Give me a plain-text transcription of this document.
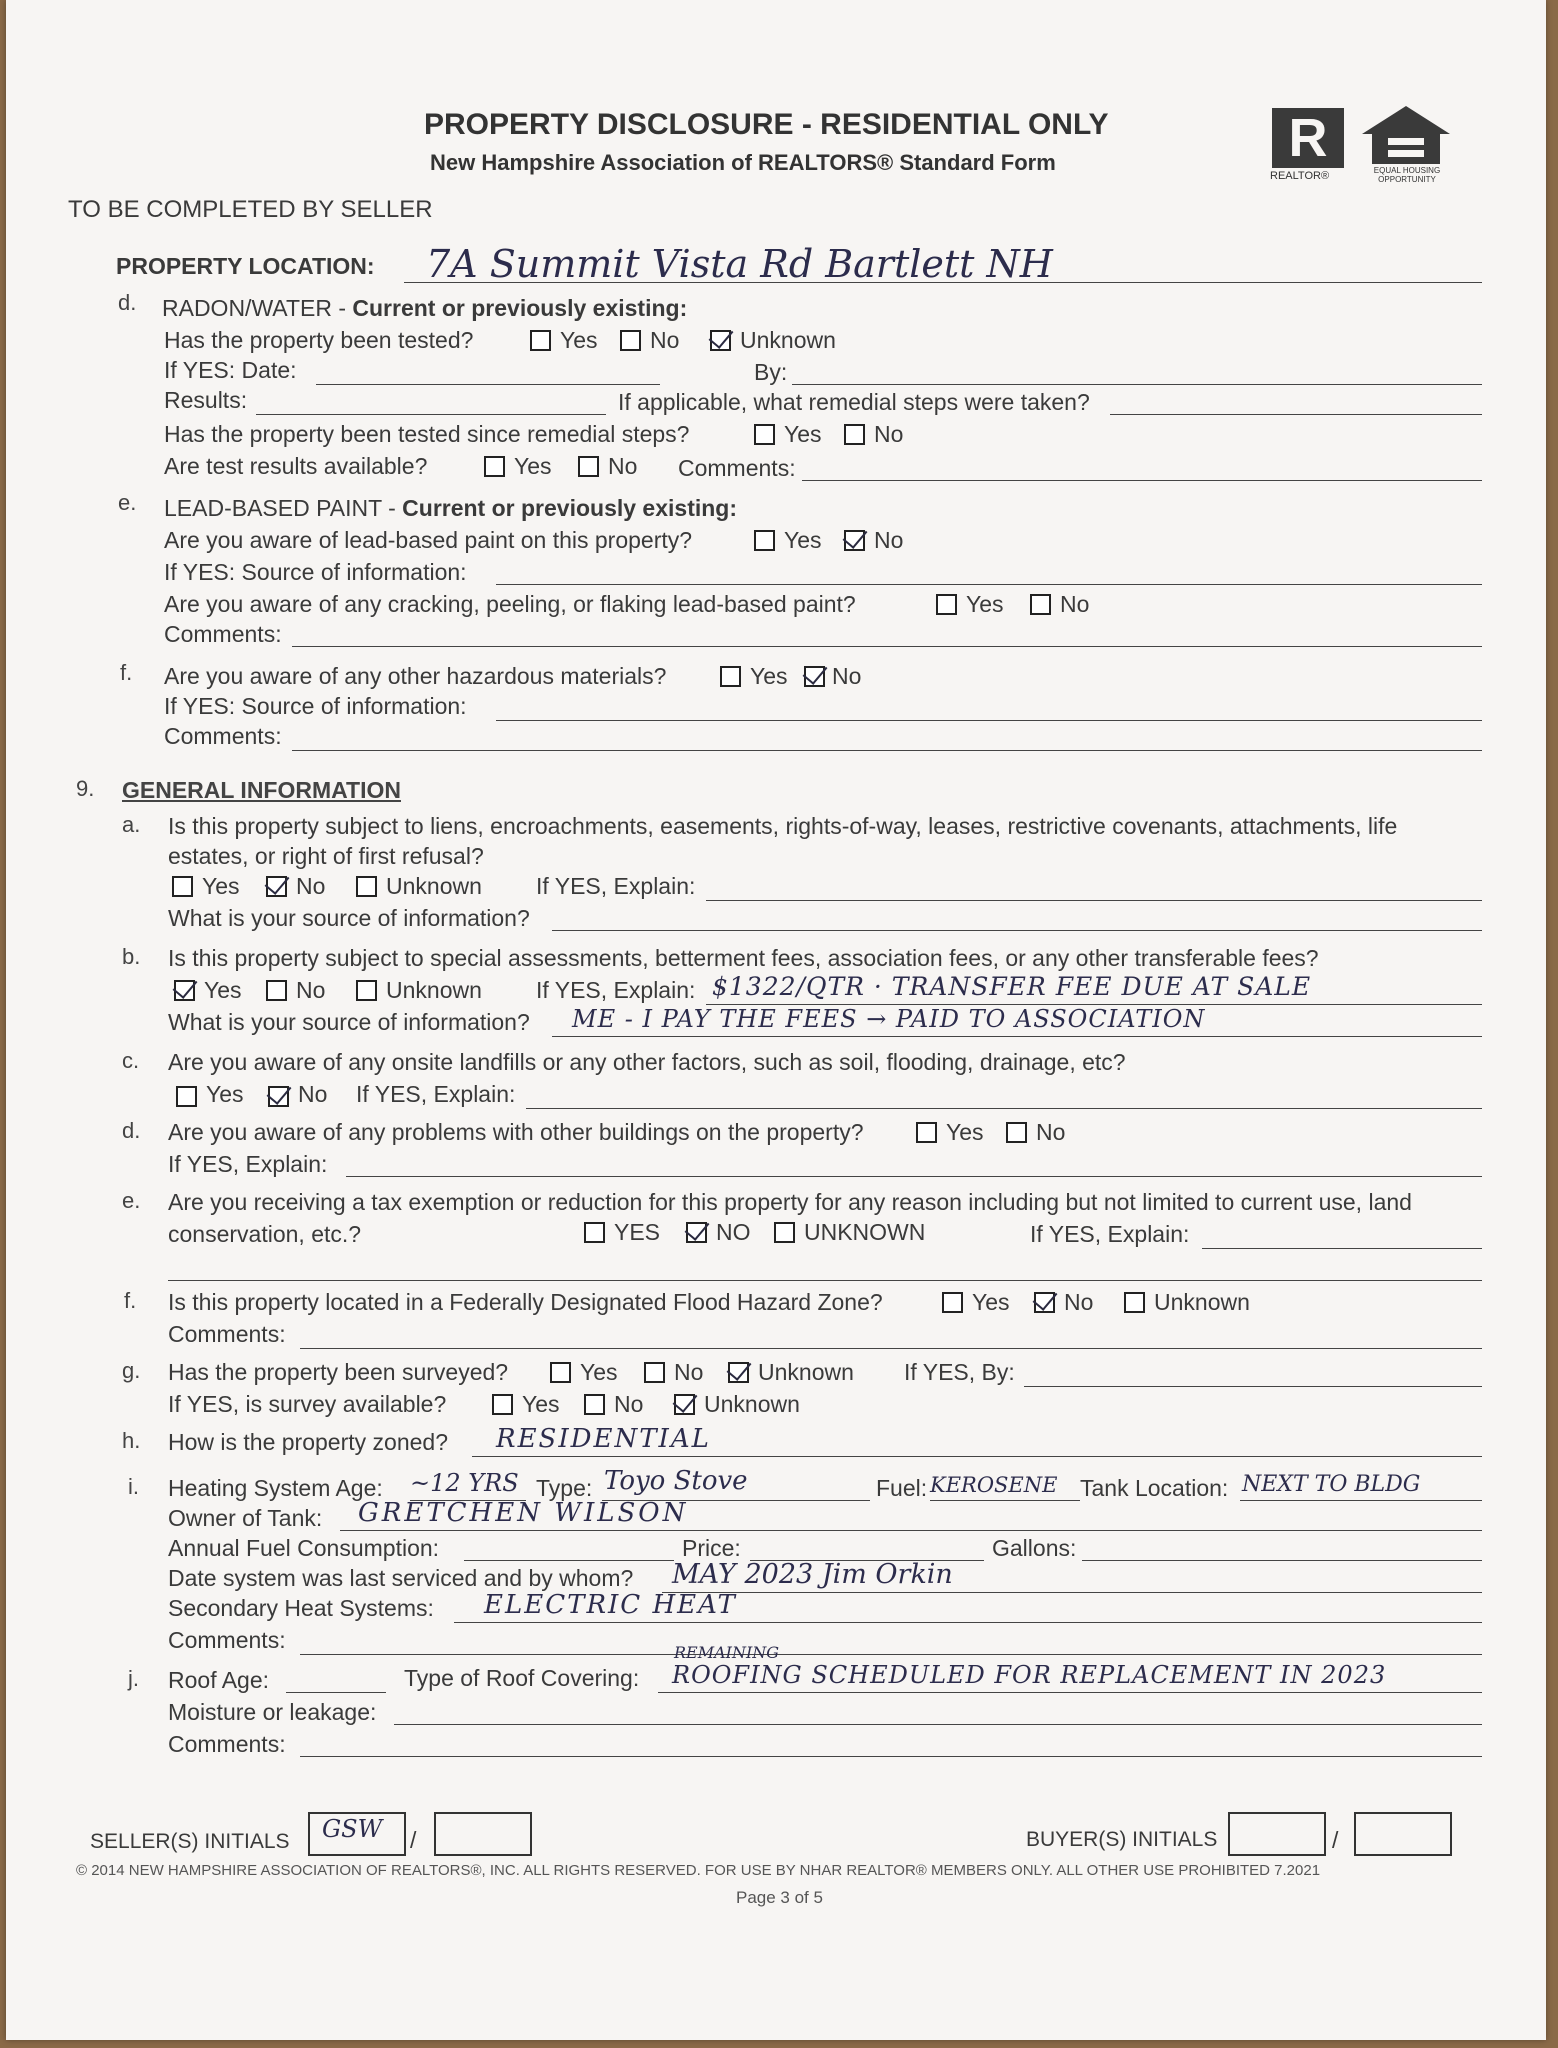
PROPERTY DISCLOSURE - RESIDENTIAL ONLY
New Hampshire Association of REALTORS® Standard Form	R
REALTOR®	EQUAL HOUSING OPPORTUNITY
TO BE COMPLETED BY SELLER
PROPERTY LOCATION: 7A Summit Vista Rd Bartlett NH
d. RADON/WATER - Current or previously existing:
Has the property been tested?	Yes No	Unknown
If YES: Date:	By:
Results:	If applicable, what remedial steps were taken?
Has the property been tested since remedial steps?	Yes No
Are test results available?	Yes No Comments:
e. LEAD-BASED PAINT - Current or previously existing:
Are you aware of lead-based paint on this property?	Yes No
If YES: Source of information:
Are you aware of any cracking, peeling, or flaking lead-based paint?	Yes No
Comments:
f. Are you aware of any other hazardous materials?	Yes No
If YES: Source of information:
Comments:
9. GENERAL INFORMATION
a. Is this property subject to liens, encroachments, easements, rights-of-way, leases, restrictive covenants, attachments, life
estates, or right of first refusal?
Yes No	Unknown If YES, Explain:
What is your source of information?
b. Is this property subject to special assessments, betterment fees, association fees, or any other transferable fees?
Yes No	Unknown If YES, Explain: $1322/QTR · TRANSFER FEE DUE AT SALE
What is your source of information? ME - I PAY THE FEES → PAID TO ASSOCIATION
c. Are you aware of any onsite landfills or any other factors, such as soil, flooding, drainage, etc?
Yes No If YES, Explain:
d. Are you aware of any problems with other buildings on the property?	Yes No
If YES, Explain:
e. Are you receiving a tax exemption or reduction for this property for any reason including but not limited to current use, land
conservation, etc.?	YES NO UNKNOWN	If YES, Explain:
f. Is this property located in a Federally Designated Flood Hazard Zone?	Yes No	Unknown
Comments:
g. Has the property been surveyed?	Yes No Unknown If YES, By:
If YES, is survey available?	Yes No	Unknown
h. How is the property zoned? RESIDENTIAL
i. Heating System Age: ~12 YRS Type: Toyo Stove	Fuel: KEROSENE Tank Location: NEXT TO BLDG
Owner of Tank: GRETCHEN WILSON
Annual Fuel Consumption:	Price:	Gallons:
Date system was last serviced and by whom? MAY 2023 Jim Orkin
Secondary Heat Systems: ELECTRIC HEAT
Comments:
j. Roof Age:	Type of Roof Covering:
REMAINING
ROOFING SCHEDULED FOR REPLACEMENT IN 2023
Moisture or leakage:
Comments:
SELLER(S) INITIALS GSW /	BUYER(S) INITIALS	/
© 2014 NEW HAMPSHIRE ASSOCIATION OF REALTORS®, INC. ALL RIGHTS RESERVED. FOR USE BY NHAR REALTOR® MEMBERS ONLY. ALL OTHER USE PROHIBITED 7.2021
Page 3 of 5
